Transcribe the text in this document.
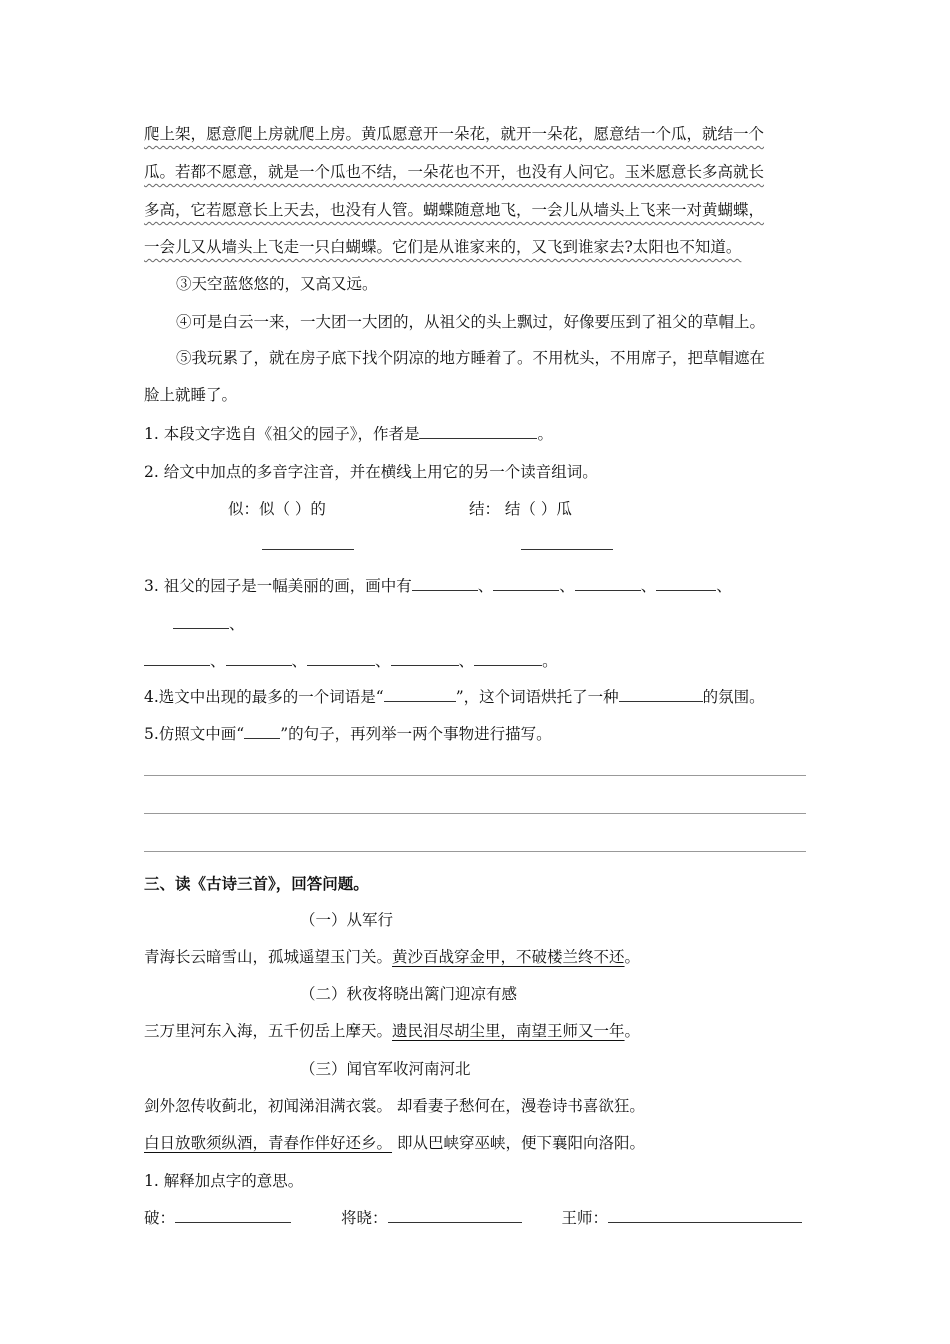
爬上架，愿意爬上房就爬上房。黄瓜愿意开一朵花，就开一朵花，愿意结一个瓜，就结一个
瓜。若都不愿意，就是一个瓜也不结，一朵花也不开，也没有人问它。玉米愿意长多高就长
多高，它若愿意长上天去，也没有人管。蝴蝶随意地飞，一会儿从墙头上飞来一对黄蝴蝶，
一会儿又从墙头上飞走一只白蝴蝶。它们是从谁家来的，又飞到谁家去?太阳也不知道。
③天空蓝悠悠的，又高又远。
④可是白云一来，一大团一大团的，从祖父的头上飘过，好像要压到了祖父的草帽上。
⑤我玩累了，就在房子底下找个阴凉的地方睡着了。不用枕头，不用席子，把草帽遮在
脸上就睡了。
1. 本段文字选自《祖父的园子》，作者是	。
2. 给文中加点的多音字注音，并在横线上用它的另一个读音组词。
似：似（ ）的	结： 结（ ）瓜
3. 祖父的园子是一幅美丽的画，画中有	、	、	、	、
、
、	、	、	、	。
4.选文中出现的最多的一个词语是“	”，这个词语烘托了一种	的氛围。
5.仿照文中画“ ”的句子，再列举一两个事物进行描写。
三、读《古诗三首》，回答问题。
（一）从军行
青海长云暗雪山，孤城遥望玉门关。黄沙百战穿金甲，不破楼兰终不还。
（二）秋夜将晓出篱门迎凉有感
三万里河东入海，五千仞岳上摩天。遗民泪尽胡尘里，南望王师又一年。
（三）闻官军收河南河北
剑外忽传收蓟北，初闻涕泪满衣裳。 却看妻子愁何在，漫卷诗书喜欲狂。
白日放歌须纵酒，青春作伴好还乡。 即从巴峡穿巫峡，便下襄阳向洛阳。
1. 解释加点字的意思。
破：	将晓：	王师：
